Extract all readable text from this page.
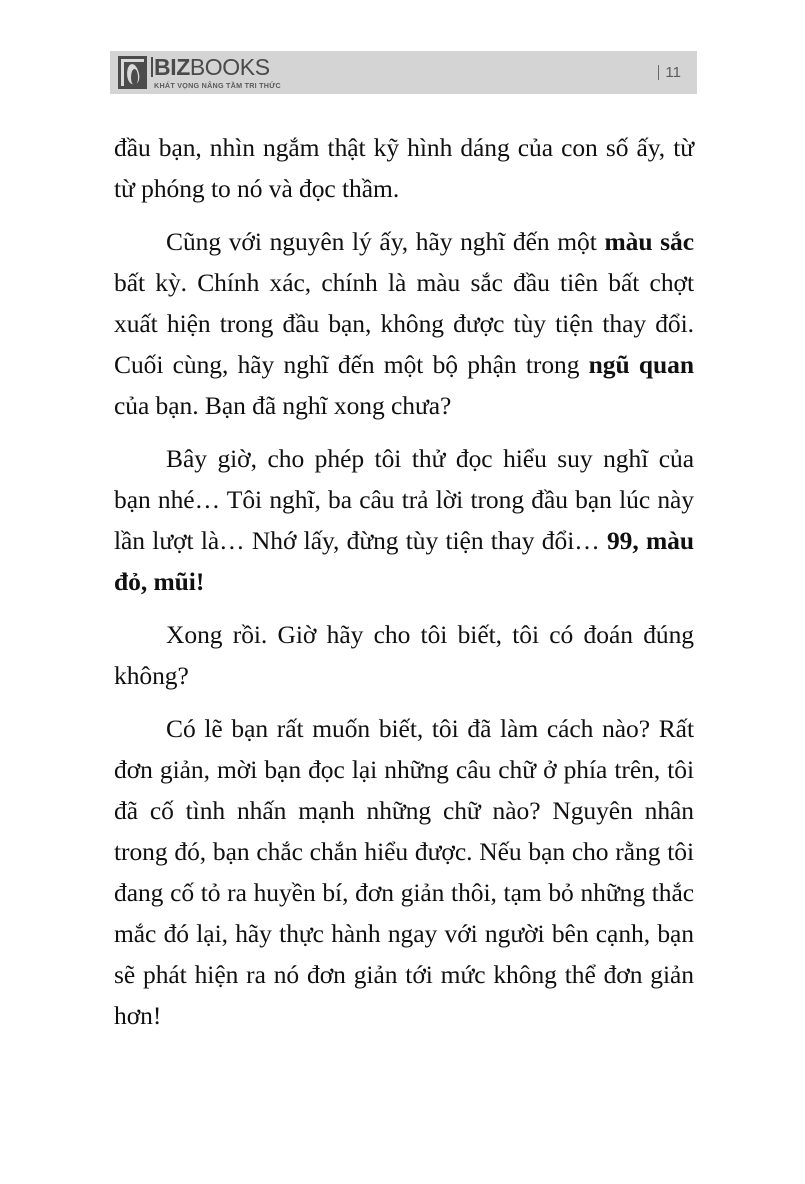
BIZBOOKS
KHÁT VỌNG NÂNG TẦM TRI THỨC
11

đầu bạn, nhìn ngắm thật kỹ hình dáng của con số ấy, từ từ phóng to nó và đọc thầm.

Cũng với nguyên lý ấy, hãy nghĩ đến một màu sắc bất kỳ. Chính xác, chính là màu sắc đầu tiên bất chợt xuất hiện trong đầu bạn, không được tùy tiện thay đổi. Cuối cùng, hãy nghĩ đến một bộ phận trong ngũ quan của bạn. Bạn đã nghĩ xong chưa?

Bây giờ, cho phép tôi thử đọc hiểu suy nghĩ của bạn nhé… Tôi nghĩ, ba câu trả lời trong đầu bạn lúc này lần lượt là… Nhớ lấy, đừng tùy tiện thay đổi… 99, màu đỏ, mũi!

Xong rồi. Giờ hãy cho tôi biết, tôi có đoán đúng không?

Có lẽ bạn rất muốn biết, tôi đã làm cách nào? Rất đơn giản, mời bạn đọc lại những câu chữ ở phía trên, tôi đã cố tình nhấn mạnh những chữ nào? Nguyên nhân trong đó, bạn chắc chắn hiểu được. Nếu bạn cho rằng tôi đang cố tỏ ra huyền bí, đơn giản thôi, tạm bỏ những thắc mắc đó lại, hãy thực hành ngay với người bên cạnh, bạn sẽ phát hiện ra nó đơn giản tới mức không thể đơn giản hơn!
